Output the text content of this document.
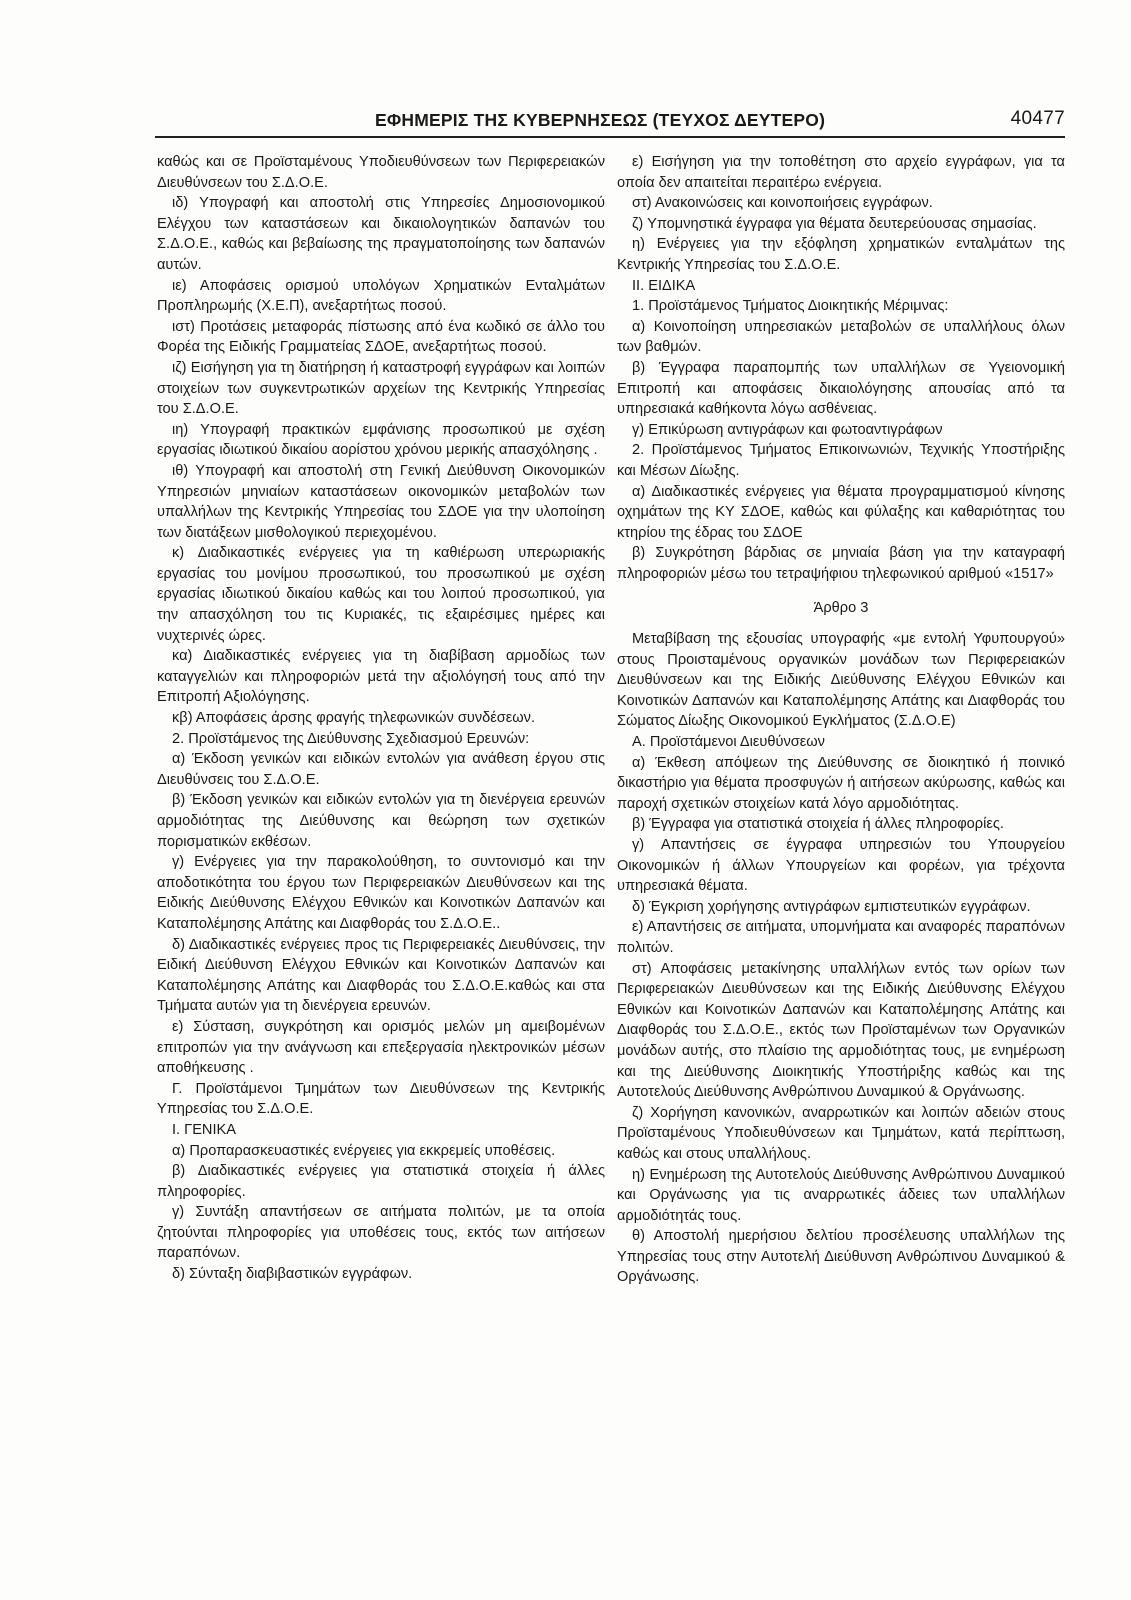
ΕΦΗΜΕΡΙΣ ΤΗΣ ΚΥΒΕΡΝΗΣΕΩΣ (ΤΕΥΧΟΣ ΔΕΥΤΕΡΟ)	40477

καθώς και σε Προϊσταμένους Υποδιευθύνσεων των Περιφερειακών Διευθύνσεων του Σ.Δ.Ο.Ε.

ιδ) Υπογραφή και αποστολή στις Υπηρεσίες Δημοσιονομικού Ελέγχου των καταστάσεων και δικαιολογητικών δαπανών του Σ.Δ.Ο.Ε., καθώς και βεβαίωσης της πραγματοποίησης των δαπανών αυτών.

ιε) Αποφάσεις ορισμού υπολόγων Χρηματικών Ενταλμάτων Προπληρωμής (Χ.Ε.Π), ανεξαρτήτως ποσού.

ιστ) Προτάσεις μεταφοράς πίστωσης από ένα κωδικό σε άλλο του Φορέα της Ειδικής Γραμματείας ΣΔΟΕ, ανεξαρτήτως ποσού.

ιζ) Εισήγηση για τη διατήρηση ή καταστροφή εγγράφων και λοιπών στοιχείων των συγκεντρωτικών αρχείων της Κεντρικής Υπηρεσίας του Σ.Δ.Ο.Ε.

ιη) Υπογραφή πρακτικών εμφάνισης προσωπικού με σχέση εργασίας ιδιωτικού δικαίου αορίστου χρόνου μερικής απασχόλησης .

ιθ) Υπογραφή και αποστολή στη Γενική Διεύθυνση Οικονομικών Υπηρεσιών μηνιαίων καταστάσεων οικονομικών μεταβολών των υπαλλήλων της Κεντρικής Υπηρεσίας του ΣΔΟΕ για την υλοποίηση των διατάξεων μισθολογικού περιεχομένου.

κ) Διαδικαστικές ενέργειες για τη καθιέρωση υπερωριακής εργασίας του μονίμου προσωπικού, του προσωπικού με σχέση εργασίας ιδιωτικού δικαίου καθώς και του λοιπού προσωπικού, για την απασχόληση του τις Κυριακές, τις εξαιρέσιμες ημέρες και νυχτερινές ώρες.

κα) Διαδικαστικές ενέργειες για τη διαβίβαση αρμοδίως των καταγγελιών και πληροφοριών μετά την αξιολόγησή τους από την Επιτροπή Αξιολόγησης.

κβ) Αποφάσεις άρσης φραγής τηλεφωνικών συνδέσεων.

2. Προϊστάμενος της Διεύθυνσης Σχεδιασμού Ερευνών:

α) Έκδοση γενικών και ειδικών εντολών για ανάθεση έργου στις Διευθύνσεις του Σ.Δ.Ο.Ε.

β) Έκδοση γενικών και ειδικών εντολών για τη διενέργεια ερευνών αρμοδιότητας της Διεύθυνσης και θεώρηση των σχετικών πορισματικών εκθέσων.

γ) Ενέργειες για την παρακολούθηση, το συντονισμό και την αποδοτικότητα του έργου των Περιφερειακών Διευθύνσεων και της Ειδικής Διεύθυνσης Ελέγχου Εθνικών και Κοινοτικών Δαπανών και Καταπολέμησης Απάτης και Διαφθοράς του Σ.Δ.Ο.Ε..

δ) Διαδικαστικές ενέργειες προς τις Περιφερειακές Διευθύνσεις, την Ειδική Διεύθυνση Ελέγχου Εθνικών και Κοινοτικών Δαπανών και Καταπολέμησης Απάτης και Διαφθοράς του Σ.Δ.Ο.Ε.καθώς και στα Τμήματα αυτών για τη διενέργεια ερευνών.

ε) Σύσταση, συγκρότηση και ορισμός μελών μη αμειβομένων επιτροπών για την ανάγνωση και επεξεργασία ηλεκτρονικών μέσων αποθήκευσης .

Γ. Προϊστάμενοι Τμημάτων των Διευθύνσεων της Κεντρικής Υπηρεσίας του Σ.Δ.Ο.Ε.

Ι. ΓΕΝΙΚΑ

α) Προπαρασκευαστικές ενέργειες για εκκρεμείς υποθέσεις.

β) Διαδικαστικές ενέργειες για στατιστικά στοιχεία ή άλλες πληροφορίες.

γ) Συντάξη απαντήσεων σε αιτήματα πολιτών, με τα οποία ζητούνται πληροφορίες για υποθέσεις τους, εκτός των αιτήσεων παραπόνων.

δ) Σύνταξη διαβιβαστικών εγγράφων.

ε) Εισήγηση για την τοποθέτηση στο αρχείο εγγράφων, για τα οποία δεν απαιτείται περαιτέρω ενέργεια.

στ) Ανακοινώσεις και κοινοποιήσεις εγγράφων.

ζ) Υπομνηστικά έγγραφα για θέματα δευτερεύουσας σημασίας.

η) Ενέργειες για την εξόφληση χρηματικών ενταλμάτων της Κεντρικής Υπηρεσίας του Σ.Δ.Ο.Ε.

ΙΙ. ΕΙΔΙΚΑ

1. Προϊστάμενος Τμήματος Διοικητικής Μέριμνας:

α) Κοινοποίηση υπηρεσιακών μεταβολών σε υπαλλήλους όλων των βαθμών.

β) Έγγραφα παραπομπής των υπαλλήλων σε Υγειονομική Επιτροπή και αποφάσεις δικαιολόγησης απουσίας από τα υπηρεσιακά καθήκοντα λόγω ασθένειας.

γ) Επικύρωση αντιγράφων και φωτοαντιγράφων

2. Προϊστάμενος Τμήματος Επικοινωνιών, Τεχνικής Υποστήριξης και Μέσων Δίωξης.

α) Διαδικαστικές ενέργειες για θέματα προγραμματισμού κίνησης οχημάτων της ΚΥ ΣΔΟΕ, καθώς και φύλαξης και καθαριότητας του κτηρίου της έδρας του ΣΔΟΕ

β) Συγκρότηση βάρδιας σε μηνιαία βάση για την καταγραφή πληροφοριών μέσω του τετραψήφιου τηλεφωνικού αριθμού «1517»

Άρθρο 3

Μεταβίβαση της εξουσίας υπογραφής «με εντολή Υφυπουργού» στους Προισταμένους οργανικών μονάδων των Περιφερειακών Διευθύνσεων και της Ειδικής Διεύθυνσης Ελέγχου Εθνικών και Κοινοτικών Δαπανών και Καταπολέμησης Απάτης και Διαφθοράς του Σώματος Δίωξης Οικονομικού Εγκλήματος (Σ.Δ.Ο.Ε)

Α. Προϊστάμενοι Διευθύνσεων

α) Έκθεση απόψεων της Διεύθυνσης σε διοικητικό ή ποινικό δικαστήριο για θέματα προσφυγών ή αιτήσεων ακύρωσης, καθώς και παροχή σχετικών στοιχείων κατά λόγο αρμοδιότητας.

β) Έγγραφα για στατιστικά στοιχεία ή άλλες πληροφορίες.

γ) Απαντήσεις σε έγγραφα υπηρεσιών του Υπουργείου Οικονομικών ή άλλων Υπουργείων και φορέων, για τρέχοντα υπηρεσιακά θέματα.

δ) Έγκριση χορήγησης αντιγράφων εμπιστευτικών εγγράφων.

ε) Απαντήσεις σε αιτήματα, υπομνήματα και αναφορές παραπόνων πολιτών.

στ) Αποφάσεις μετακίνησης υπαλλήλων εντός των ορίων των Περιφερειακών Διευθύνσεων και της Ειδικής Διεύθυνσης Ελέγχου Εθνικών και Κοινοτικών Δαπανών και Καταπολέμησης Απάτης και Διαφθοράς του Σ.Δ.Ο.Ε., εκτός των Προϊσταμένων των Οργανικών μονάδων αυτής, στο πλαίσιο της αρμοδιότητας τους, με ενημέρωση και της Διεύθυνσης Διοικητικής Υποστήριξης καθώς και της Αυτοτελούς Διεύθυνσης Ανθρώπινου Δυναμικού & Οργάνωσης.

ζ) Χορήγηση κανονικών, αναρρωτικών και λοιπών αδειών στους Προϊσταμένους Υποδιευθύνσεων και Τμημάτων, κατά περίπτωση, καθώς και στους υπαλλήλους.

η) Ενημέρωση της Αυτοτελούς Διεύθυνσης Ανθρώπινου Δυναμικού και Οργάνωσης για τις αναρρωτικές άδειες των υπαλλήλων αρμοδιότητάς τους.

θ) Αποστολή ημερήσιου δελτίου προσέλευσης υπαλλήλων της Υπηρεσίας τους στην Αυτοτελή Διεύθυνση Ανθρώπινου Δυναμικού & Οργάνωσης.
